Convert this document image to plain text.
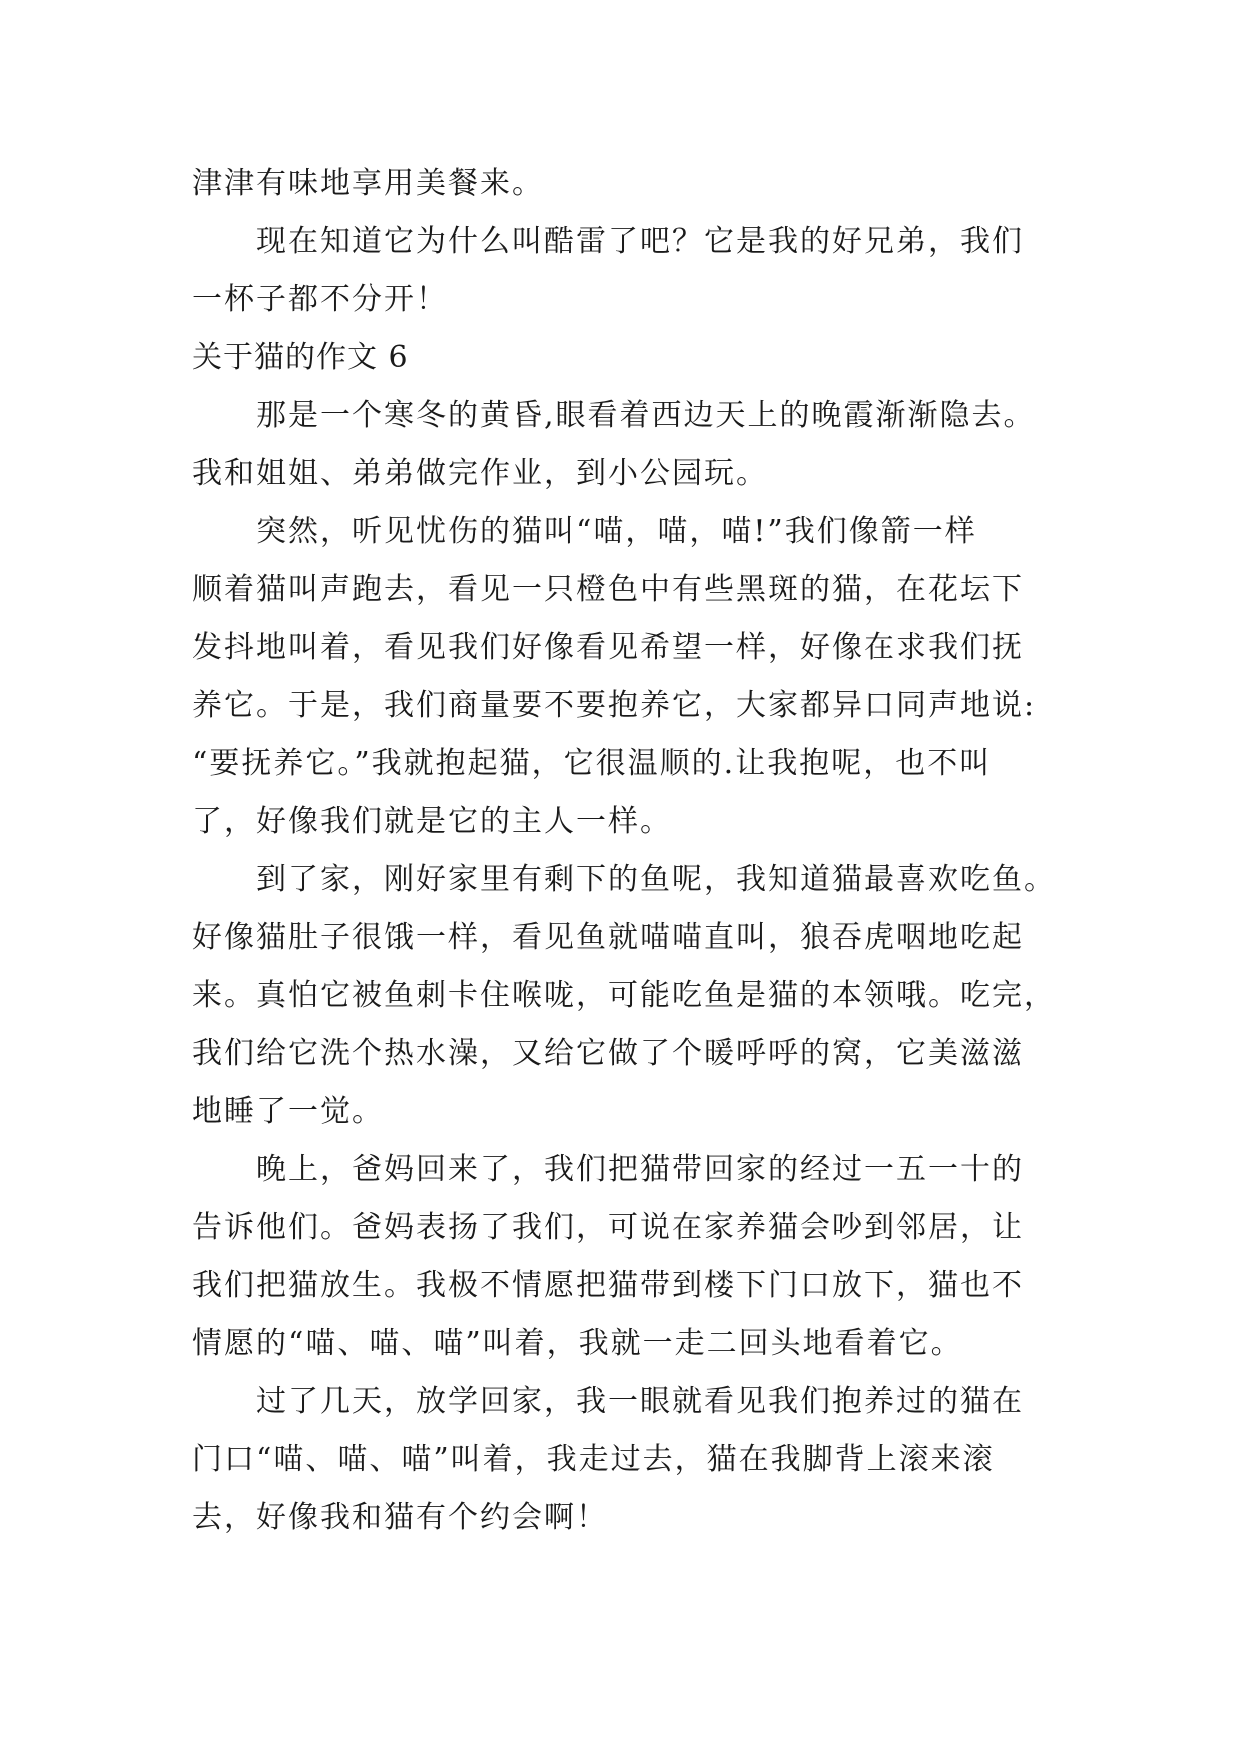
津津有味地享用美餐来。
现在知道它为什么叫酷雷了吧？它是我的好兄弟，我们
一杯子都不分开！
关于猫的作文 6
那是一个寒冬的黄昏,眼看着西边天上的晚霞渐渐隐去。
我和姐姐、弟弟做完作业，到小公园玩。
突然，听见忧伤的猫叫“喵，喵，喵!”我们像箭一样
顺着猫叫声跑去，看见一只橙色中有些黑斑的猫，在花坛下
发抖地叫着，看见我们好像看见希望一样，好像在求我们抚
养它。于是，我们商量要不要抱养它，大家都异口同声地说:
“要抚养它。”我就抱起猫，它很温顺的.让我抱呢，也不叫
了，好像我们就是它的主人一样。
到了家，刚好家里有剩下的鱼呢，我知道猫最喜欢吃鱼。
好像猫肚子很饿一样，看见鱼就喵喵直叫，狼吞虎咽地吃起
来。真怕它被鱼刺卡住喉咙，可能吃鱼是猫的本领哦。吃完，
我们给它洗个热水澡，又给它做了个暖呼呼的窝，它美滋滋
地睡了一觉。
晚上，爸妈回来了，我们把猫带回家的经过一五一十的
告诉他们。爸妈表扬了我们，可说在家养猫会吵到邻居，让
我们把猫放生。我极不情愿把猫带到楼下门口放下，猫也不
情愿的“喵、喵、喵”叫着，我就一走二回头地看着它。
过了几天，放学回家，我一眼就看见我们抱养过的猫在
门口“喵、喵、喵”叫着，我走过去，猫在我脚背上滚来滚
去，好像我和猫有个约会啊！
